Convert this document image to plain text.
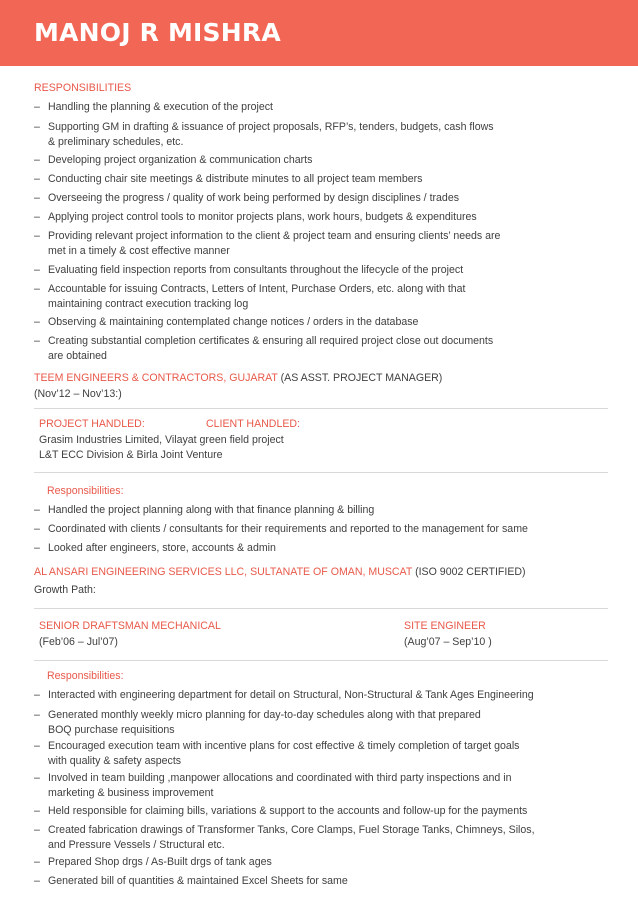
MANOJ R MISHRA
RESPONSIBILITIES
– Handling the planning & execution of the project
– Supporting GM in drafting & issuance of project proposals, RFP’s, tenders, budgets, cash flows
& preliminary schedules, etc.
– Developing project organization & communication charts
– Conducting chair site meetings & distribute minutes to all project team members
– Overseeing the progress / quality of work being performed by design disciplines / trades
– Applying project control tools to monitor projects plans, work hours, budgets & expenditures
– Providing relevant project information to the client & project team and ensuring clients’ needs are
met in a timely & cost effective manner
– Evaluating field inspection reports from consultants throughout the lifecycle of the project
– Accountable for issuing Contracts, Letters of Intent, Purchase Orders, etc. along with that
maintaining contract execution tracking log
– Observing & maintaining contemplated change notices / orders in the database
– Creating substantial completion certificates & ensuring all required project close out documents
are obtained
TEEM ENGINEERS & CONTRACTORS, GUJARAT (AS ASST. PROJECT MANAGER)
(Nov’12 – Nov’13:)
PROJECT HANDLED:	CLIENT HANDLED:
Grasim Industries Limited, Vilayat green field project
L&T ECC Division & Birla Joint Venture
Responsibilities:
– Handled the project planning along with that finance planning & billing
– Coordinated with clients / consultants for their requirements and reported to the management for same
– Looked after engineers, store, accounts & admin
AL ANSARI ENGINEERING SERVICES LLC, SULTANATE OF OMAN, MUSCAT (ISO 9002 CERTIFIED)
Growth Path:
SENIOR DRAFTSMAN MECHANICAL
(Feb’06 – Jul’07)
SITE ENGINEER
(Aug’07 – Sep’10 )
Responsibilities:
– Interacted with engineering department for detail on Structural, Non-Structural & Tank Ages Engineering
– Generated monthly weekly micro planning for day-to-day schedules along with that prepared
BOQ purchase requisitions
– Encouraged execution team with incentive plans for cost effective & timely completion of target goals
with quality & safety aspects
– Involved in team building ,manpower allocations and coordinated with third party inspections and in
marketing & business improvement
– Held responsible for claiming bills, variations & support to the accounts and follow-up for the payments
– Created fabrication drawings of Transformer Tanks, Core Clamps, Fuel Storage Tanks, Chimneys, Silos,
and Pressure Vessels / Structural etc.
– Prepared Shop drgs / As-Built drgs of tank ages
– Generated bill of quantities & maintained Excel Sheets for same
